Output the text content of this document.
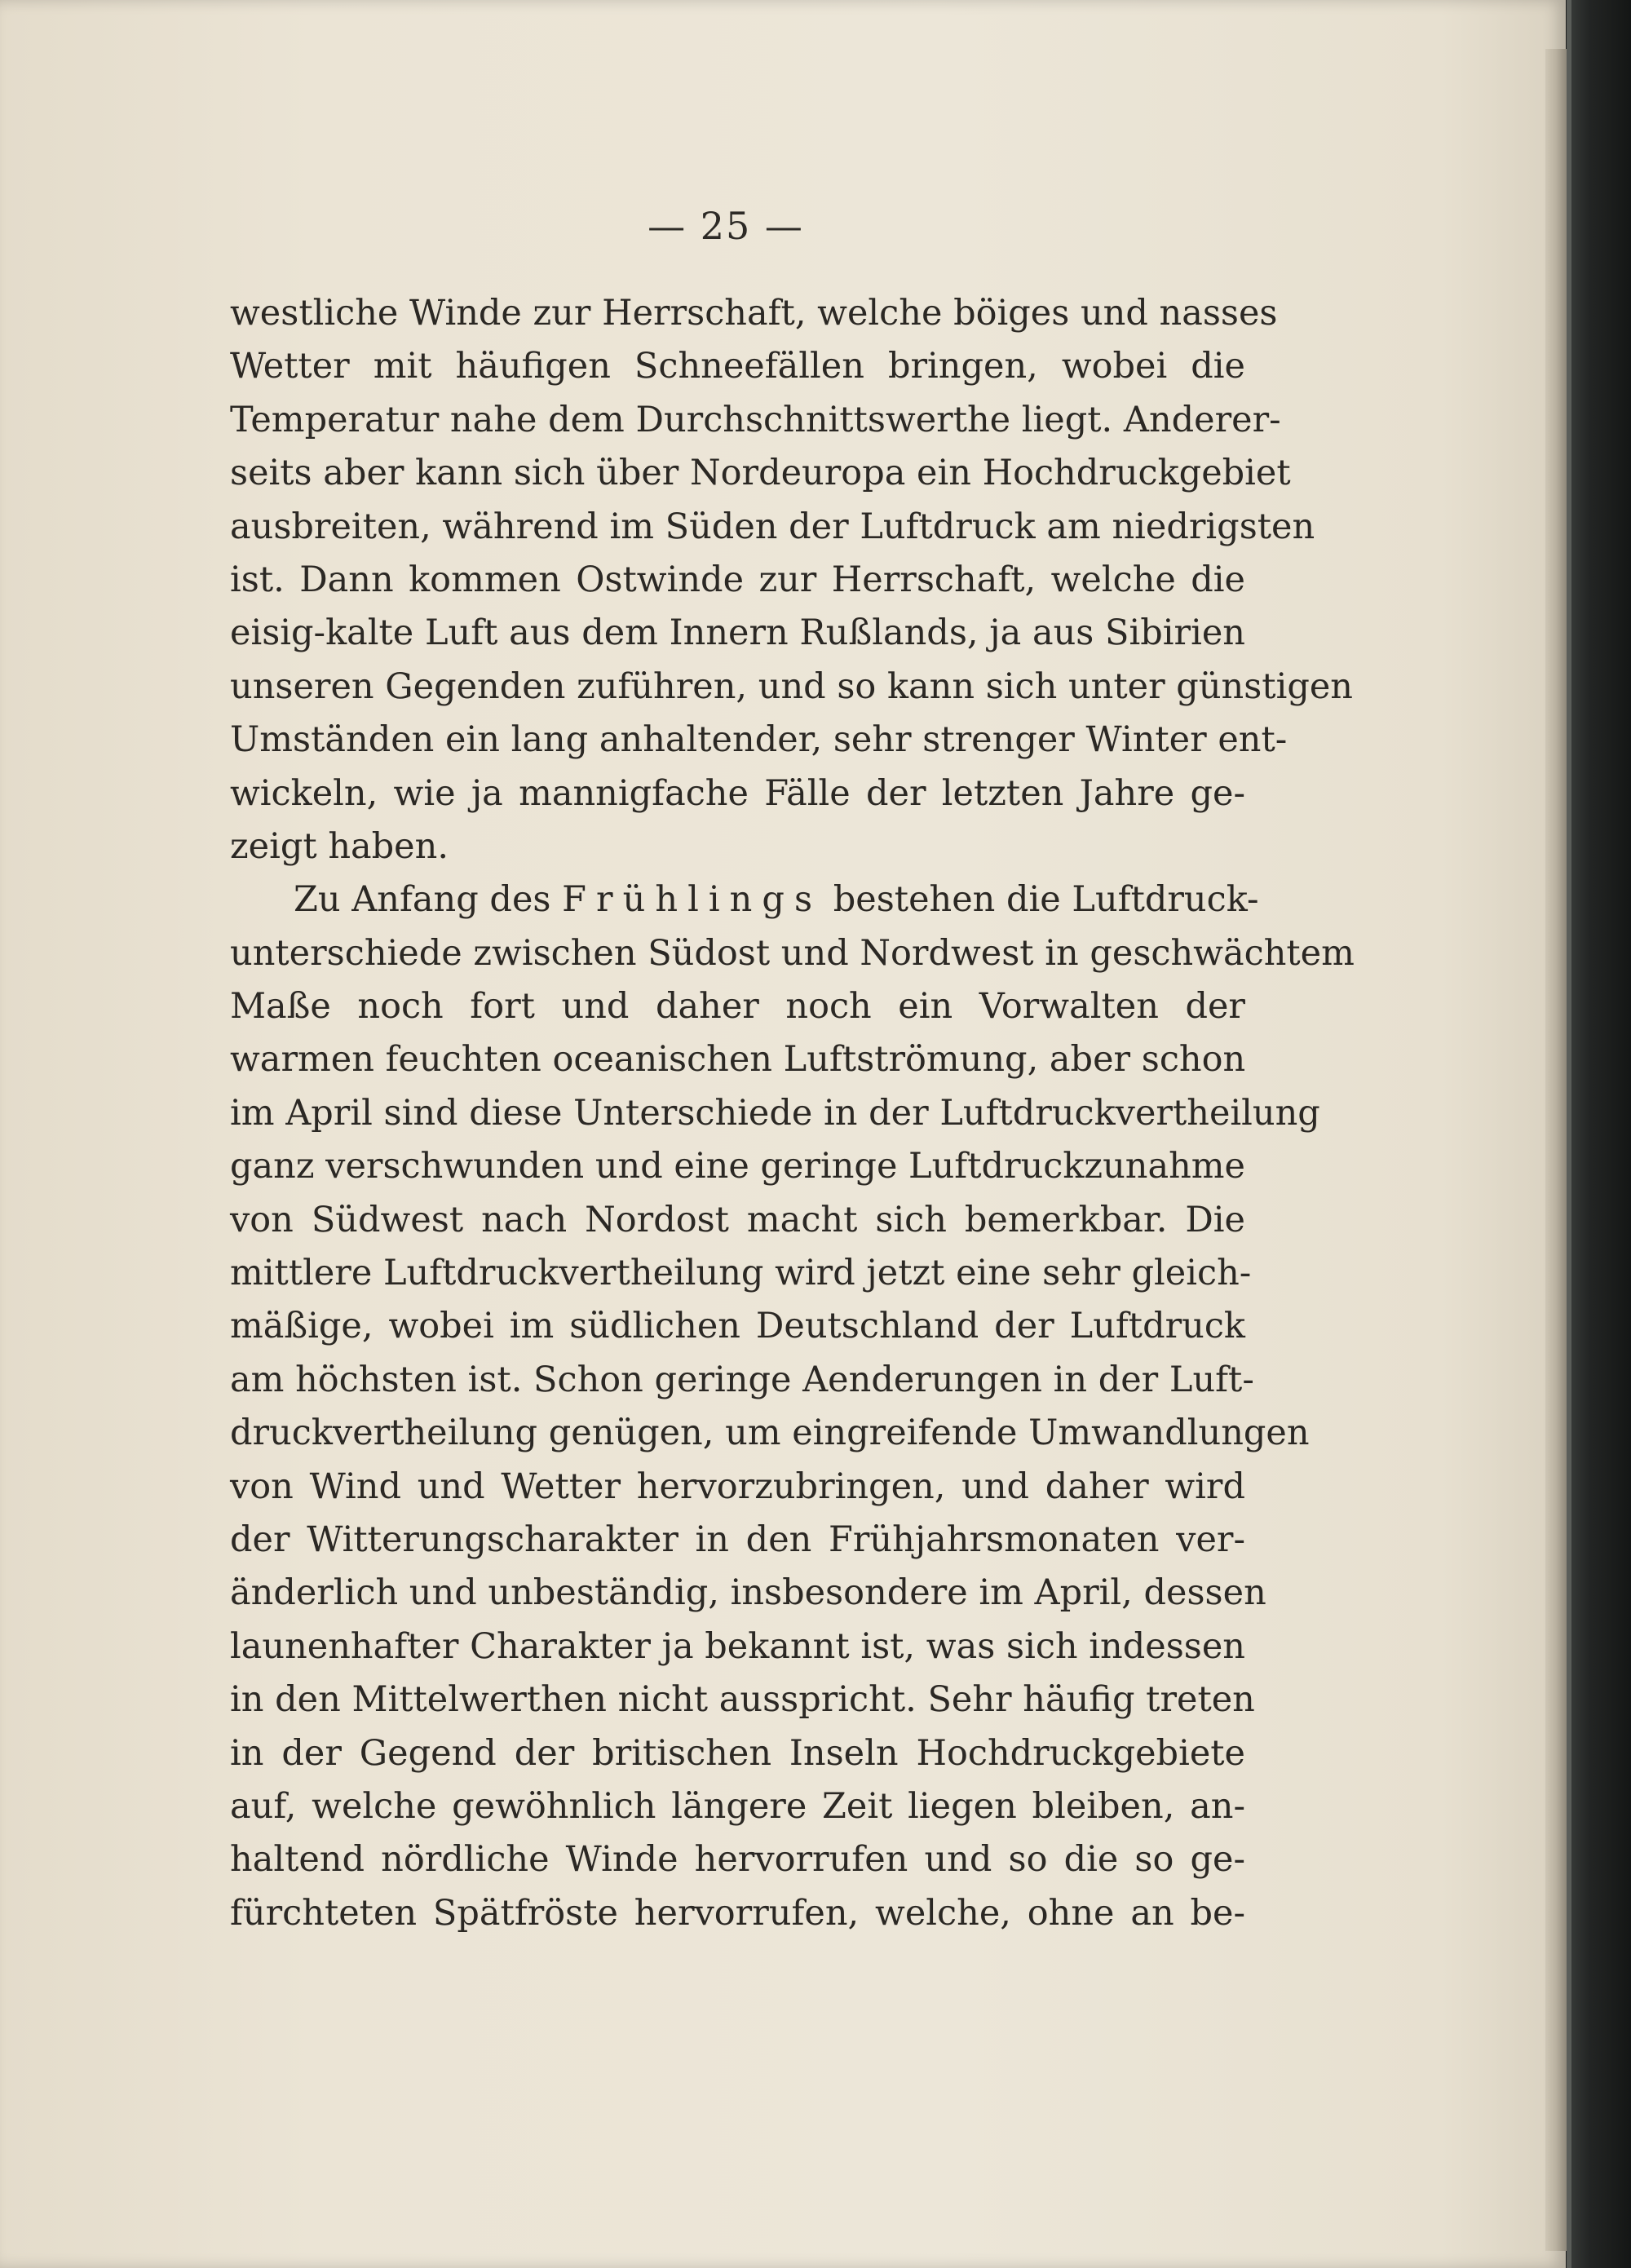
— 25 —
westliche Winde zur Herrschaft, welche böiges und nasses
Wetter mit häufigen Schneefällen bringen, wobei die
Temperatur nahe dem Durchschnittswerthe liegt. Anderer-
seits aber kann sich über Nordeuropa ein Hochdruckgebiet
ausbreiten, während im Süden der Luftdruck am niedrigsten
ist. Dann kommen Ostwinde zur Herrschaft, welche die
eisig-kalte Luft aus dem Innern Rußlands, ja aus Sibirien
unseren Gegenden zuführen, und so kann sich unter günstigen
Umständen ein lang anhaltender, sehr strenger Winter ent-
wickeln, wie ja mannigfache Fälle der letzten Jahre ge-
zeigt haben.
Zu Anfang des Frühlings bestehen die Luftdruck-
unterschiede zwischen Südost und Nordwest in geschwächtem
Maße noch fort und daher noch ein Vorwalten der
warmen feuchten oceanischen Luftströmung, aber schon
im April sind diese Unterschiede in der Luftdruckvertheilung
ganz verschwunden und eine geringe Luftdruckzunahme
von Südwest nach Nordost macht sich bemerkbar. Die
mittlere Luftdruckvertheilung wird jetzt eine sehr gleich-
mäßige, wobei im südlichen Deutschland der Luftdruck
am höchsten ist. Schon geringe Aenderungen in der Luft-
druckvertheilung genügen, um eingreifende Umwandlungen
von Wind und Wetter hervorzubringen, und daher wird
der Witterungscharakter in den Frühjahrsmonaten ver-
änderlich und unbeständig, insbesondere im April, dessen
launenhafter Charakter ja bekannt ist, was sich indessen
in den Mittelwerthen nicht ausspricht. Sehr häufig treten
in der Gegend der britischen Inseln Hochdruckgebiete
auf, welche gewöhnlich längere Zeit liegen bleiben, an-
haltend nördliche Winde hervorrufen und so die so ge-
fürchteten Spätfröste hervorrufen, welche, ohne an be-
